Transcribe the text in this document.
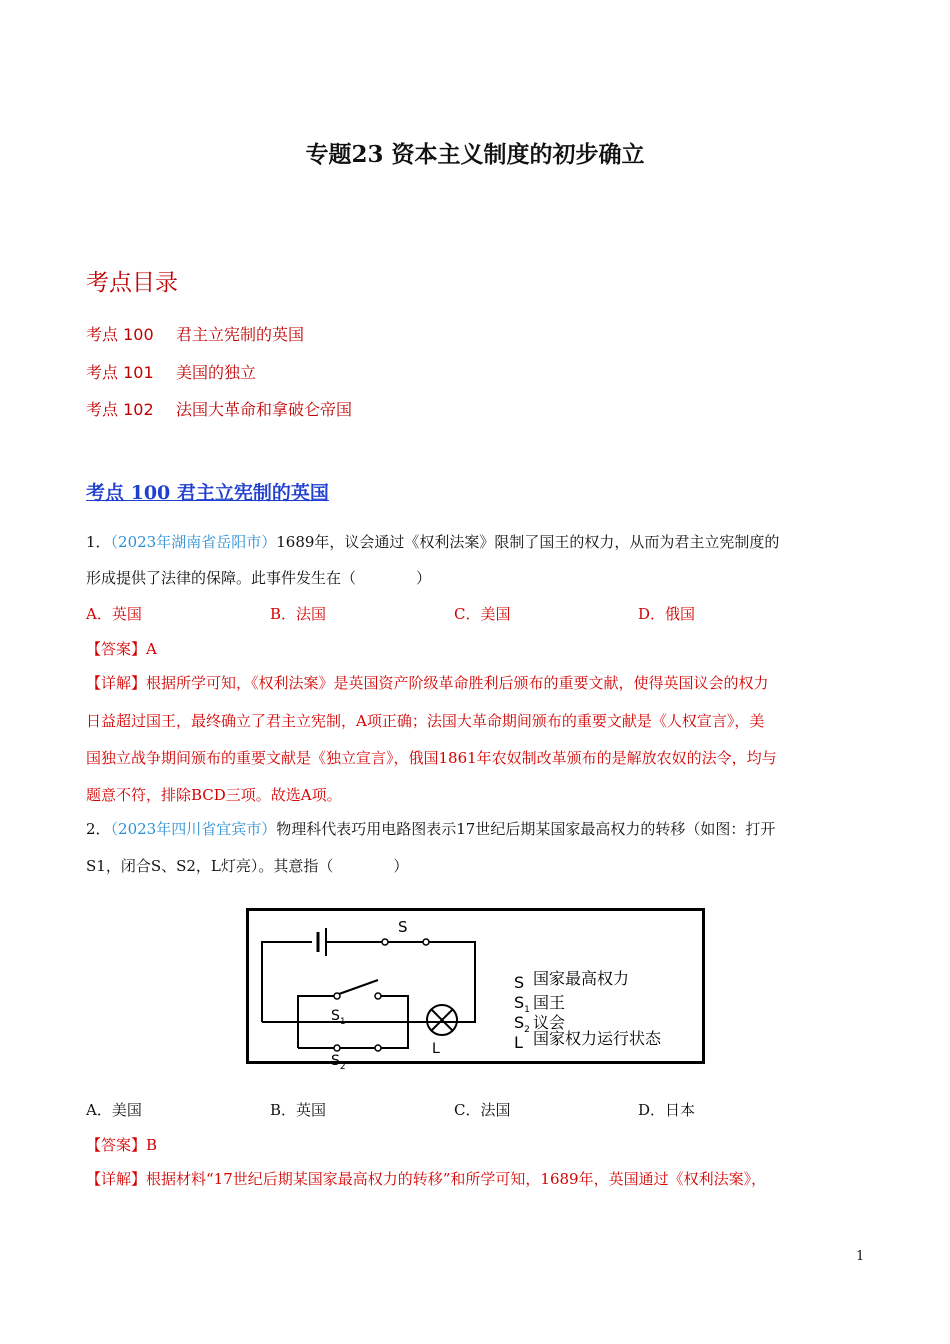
专题23 资本主义制度的初步确立
考点目录
考点 100 君主立宪制的英国
考点 101 美国的独立
考点 102 法国大革命和拿破仑帝国
考点 100 君主立宪制的英国
1．（2023年湖南省岳阳市）1689年，议会通过《权利法案》限制了国王的权力，从而为君主立宪制度的
形成提供了法律的保障。此事件发生在（　　　　）
A．英国	B．法国	C．美国	D．俄国
【答案】A
【详解】根据所学可知，《权利法案》是英国资产阶级革命胜利后颁布的重要文献，使得英国议会的权力
日益超过国王，最终确立了君主立宪制，A项正确；法国大革命期间颁布的重要文献是《人权宣言》，美
国独立战争期间颁布的重要文献是《独立宣言》，俄国1861年农奴制改革颁布的是解放农奴的法令，均与
题意不符，排除BCD三项。故选A项。
2．（2023年四川省宜宾市）物理科代表巧用电路图表示17世纪后期某国家最高权力的转移（如图：打开
S1，闭合S、S2，L灯亮）。其意指（　　　　）
S
$S_1$
$S_2$
L
S 国家最高权力
$S_1$ 国王
$S_2$ 议会
L 国家权力运行状态
A．美国	B．英国	C．法国	D．日本
【答案】B
【详解】根据材料“17世纪后期某国家最高权力的转移”和所学可知，1689年，英国通过《权利法案》，
1
